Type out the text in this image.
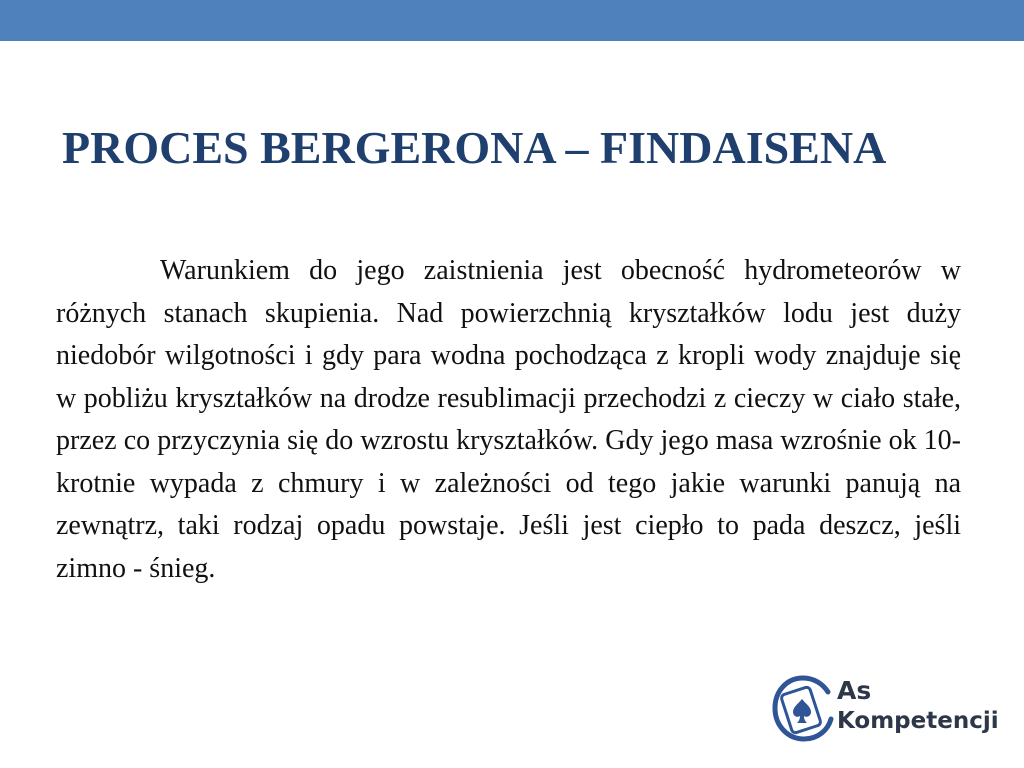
PROCES BERGERONA – FINDAISENA

Warunkiem do jego zaistnienia jest obecność hydrometeorów w różnych stanach skupienia. Nad powierzchnią kryształków lodu jest duży niedobór wilgotności i gdy para wodna pochodząca z kropli wody znajduje się w pobliżu kryształków na drodze resublimacji przechodzi z cieczy w ciało stałe, przez co przyczynia się do wzrostu kryształków. Gdy jego masa wzrośnie ok 10-krotnie wypada z chmury i w zależności od tego jakie warunki panują na zewnątrz, taki rodzaj opadu powstaje. Jeśli jest ciepło to pada deszcz, jeśli zimno - śnieg.

As
Kompetencji
